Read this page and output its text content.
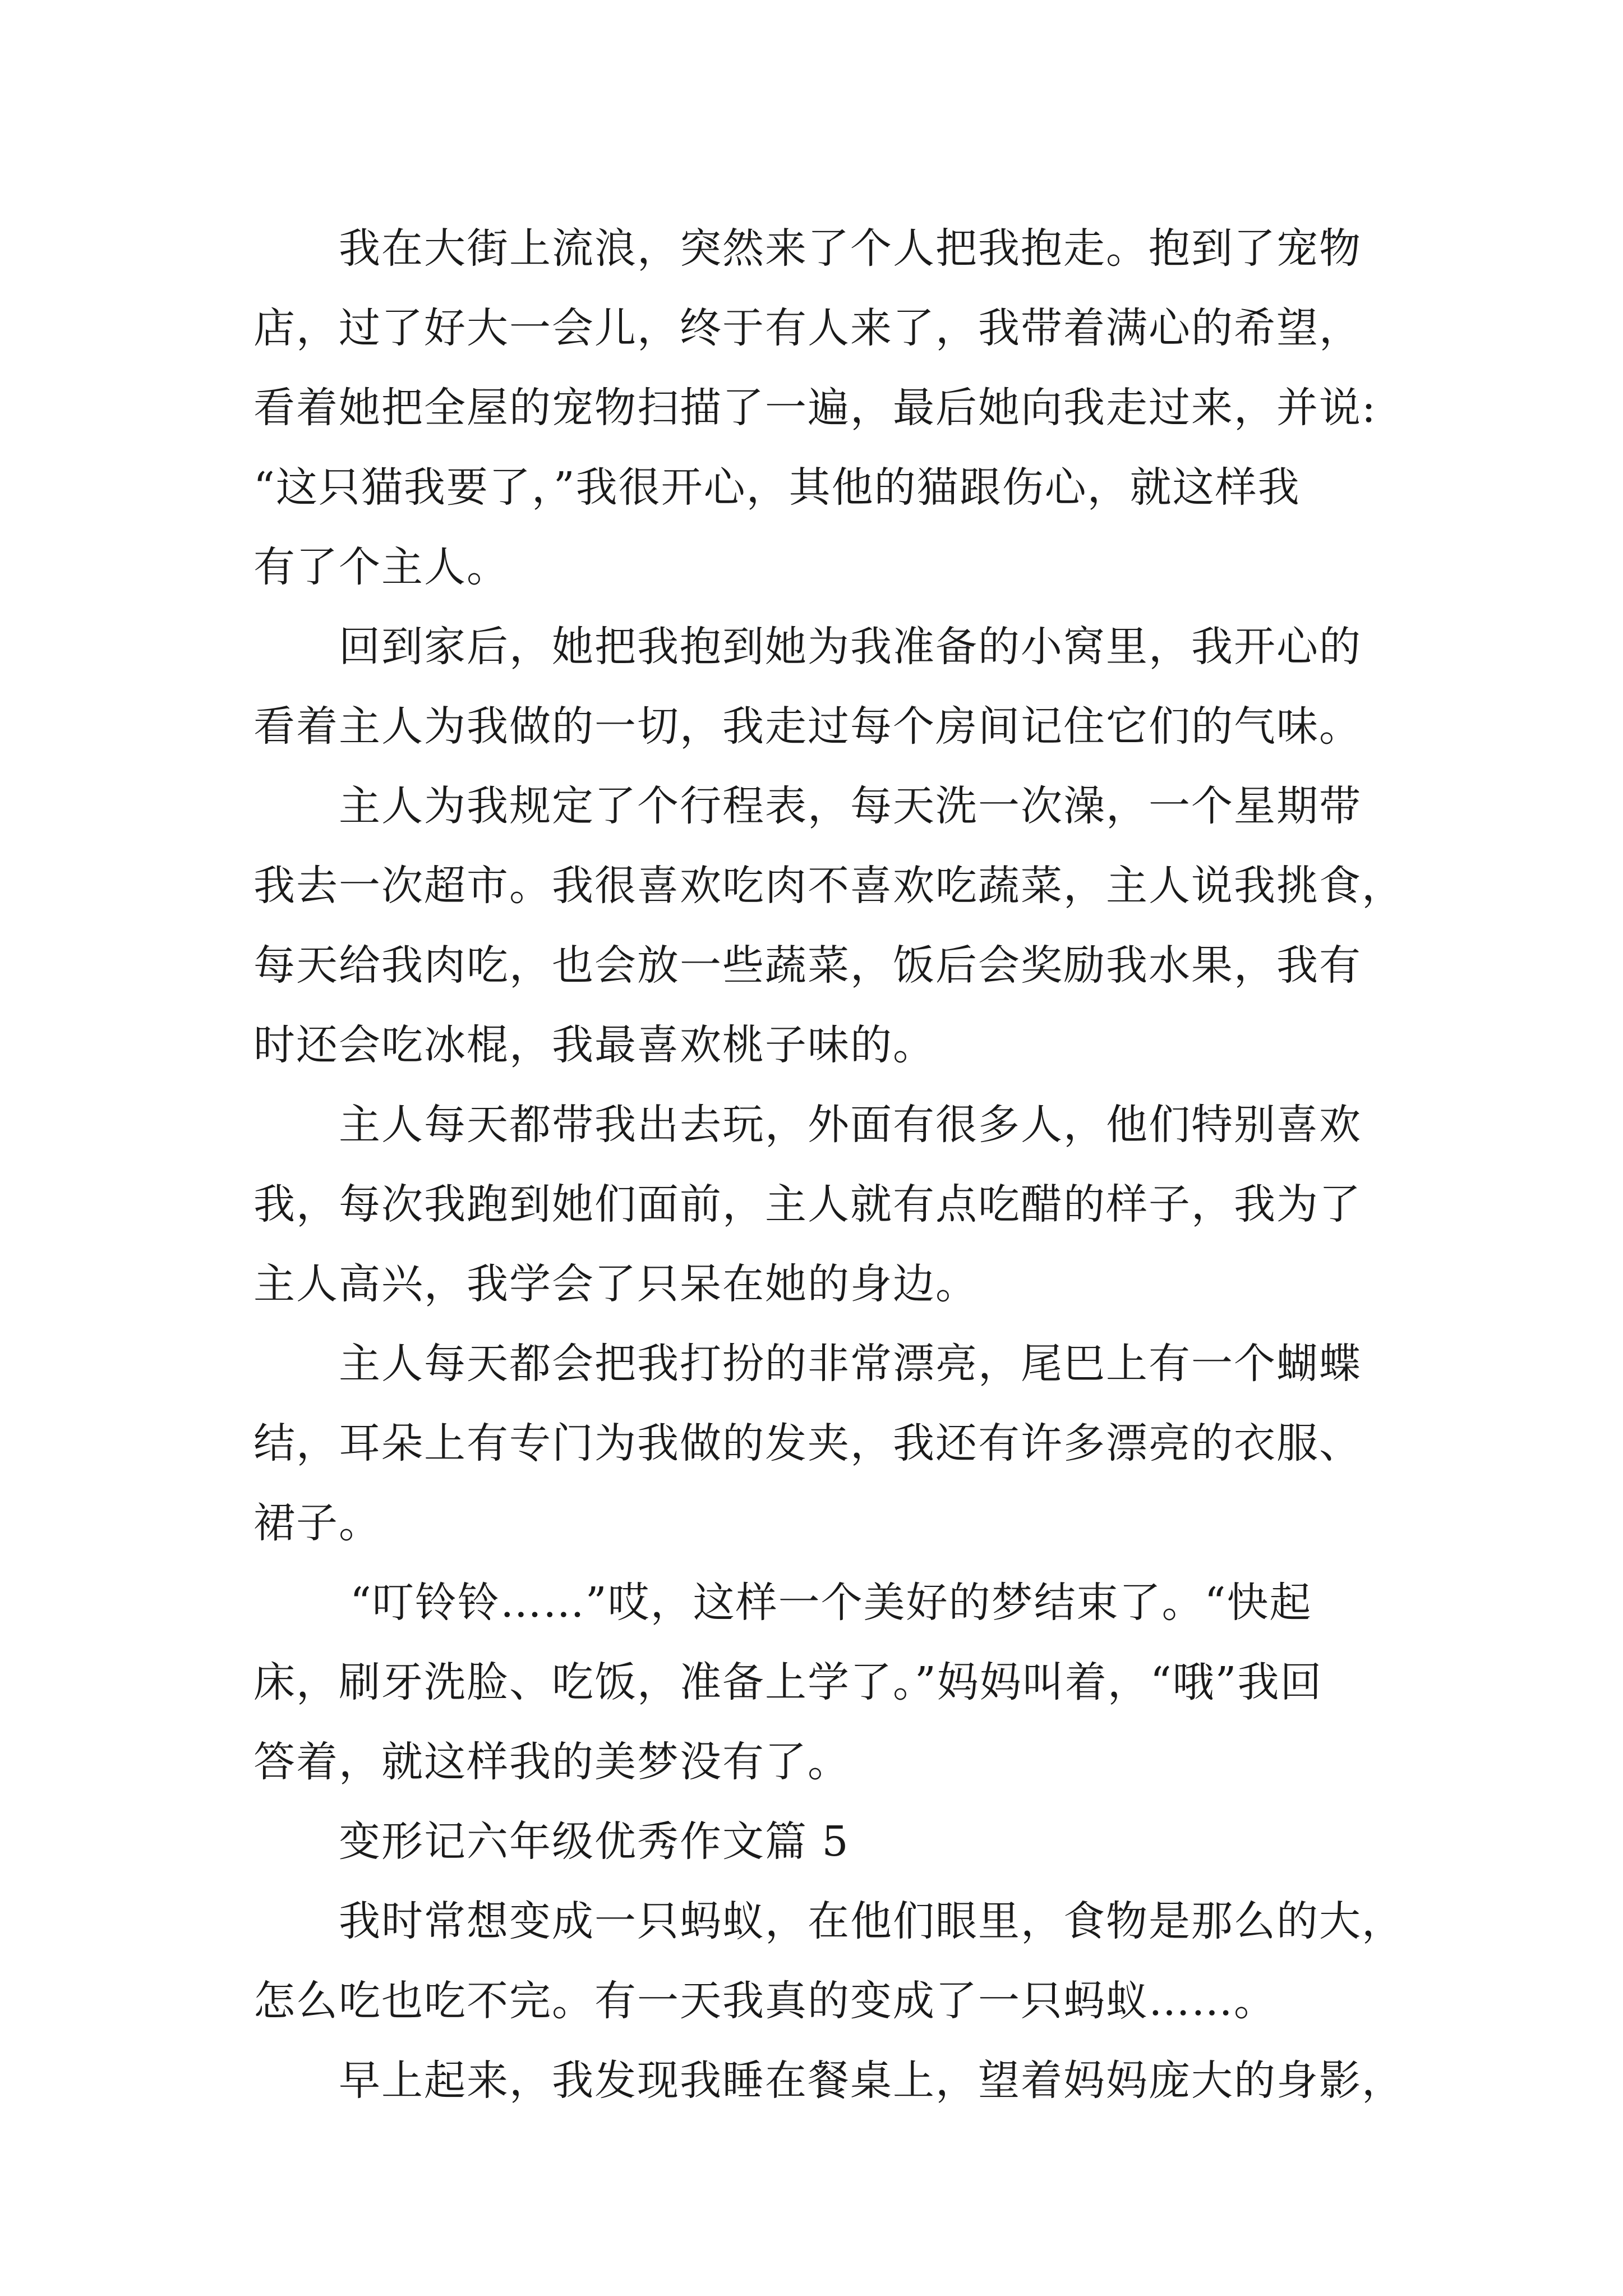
我在大街上流浪，突然来了个人把我抱走。抱到了宠物
店，过了好大一会儿，终于有人来了，我带着满心的希望，
看着她把全屋的宠物扫描了一遍，最后她向我走过来，并说:
“这只猫我要了，”我很开心，其他的猫跟伤心，就这样我
有了个主人。
回到家后，她把我抱到她为我准备的小窝里，我开心的
看着主人为我做的一切，我走过每个房间记住它们的气味。
主人为我规定了个行程表，每天洗一次澡，一个星期带
我去一次超市。我很喜欢吃肉不喜欢吃蔬菜，主人说我挑食，
每天给我肉吃，也会放一些蔬菜，饭后会奖励我水果，我有
时还会吃冰棍，我最喜欢桃子味的。
主人每天都带我出去玩，外面有很多人，他们特别喜欢
我，每次我跑到她们面前，主人就有点吃醋的样子，我为了
主人高兴，我学会了只呆在她的身边。
主人每天都会把我打扮的非常漂亮，尾巴上有一个蝴蝶
结，耳朵上有专门为我做的发夹，我还有许多漂亮的衣服、
裙子。
“叮铃铃……”哎，这样一个美好的梦结束了。“快起
床，刷牙洗脸、吃饭，准备上学了。”妈妈叫着，“哦”我回
答着，就这样我的美梦没有了。
变形记六年级优秀作文篇 5
我时常想变成一只蚂蚁，在他们眼里，食物是那么的大，
怎么吃也吃不完。有一天我真的变成了一只蚂蚁……。
早上起来，我发现我睡在餐桌上，望着妈妈庞大的身影，
